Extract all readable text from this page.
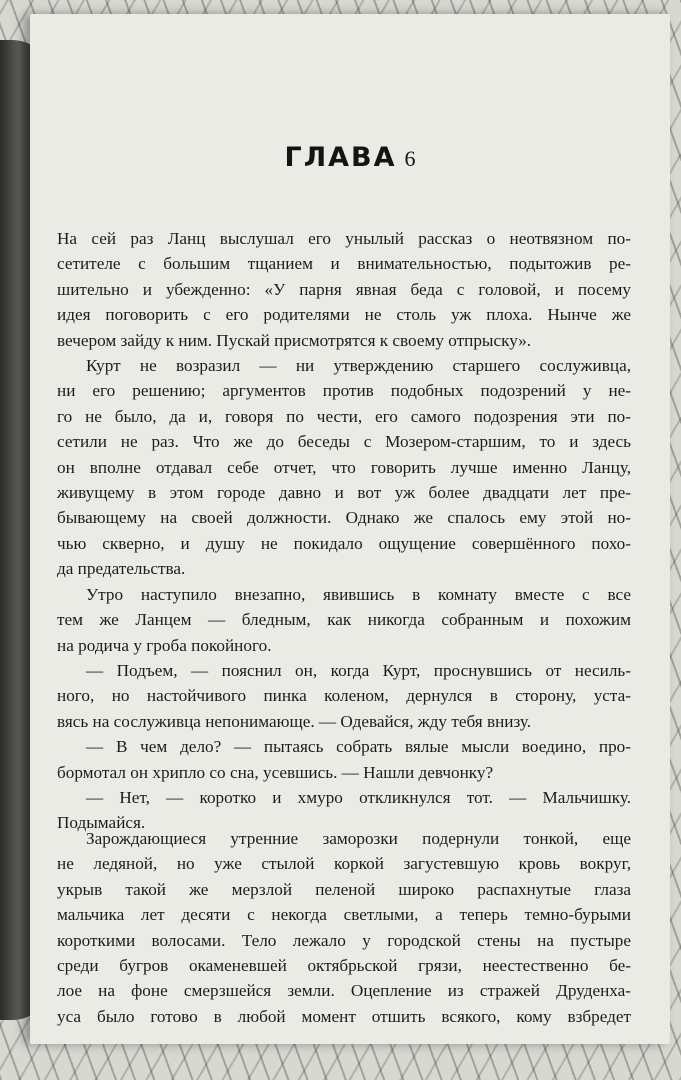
ГЛАВА 6

На сей раз Ланц выслушал его унылый рассказ о неотвязном по-

сетителе с большим тщанием и внимательностью, подытожив ре-

шительно и убежденно: «У парня явная беда с головой, и посему

идея поговорить с его родителями не столь уж плоха. Нынче же

вечером зайду к ним. Пускай присмотрятся к своему отпрыску».

Курт не возразил — ни утверждению старшего сослуживца,

ни его решению; аргументов против подобных подозрений у не-

го не было, да и, говоря по чести, его самого подозрения эти по-

сетили не раз. Что же до беседы с Мозером-старшим, то и здесь

он вполне отдавал себе отчет, что говорить лучше именно Ланцу,

живущему в этом городе давно и вот уж более двадцати лет пре-

бывающему на своей должности. Однако же спалось ему этой но-

чью скверно, и душу не покидало ощущение совершённого похо-

да предательства.

Утро наступило внезапно, явившись в комнату вместе с все

тем же Ланцем — бледным, как никогда собранным и похожим

на родича у гроба покойного.

— Подъем, — пояснил он, когда Курт, проснувшись от несиль-

ного, но настойчивого пинка коленом, дернулся в сторону, уста-

вясь на сослуживца непонимающе. — Одевайся, жду тебя внизу.

— В чем дело? — пытаясь собрать вялые мысли воедино, про-

бормотал он хрипло со сна, усевшись. — Нашли девчонку?

— Нет, — коротко и хмуро откликнулся тот. — Мальчишку.

Подымайся.

Зарождающиеся утренние заморозки подернули тонкой, еще

не ледяной, но уже стылой коркой загустевшую кровь вокруг,

укрыв такой же мерзлой пеленой широко распахнутые глаза

мальчика лет десяти с некогда светлыми, а теперь темно-бурыми

короткими волосами. Тело лежало у городской стены на пустыре

среди бугров окаменевшей октябрьской грязи, неестественно бе-

лое на фоне смерзшейся земли. Оцепление из стражей Друденха-

уса было готово в любой момент отшить всякого, кому взбредет
